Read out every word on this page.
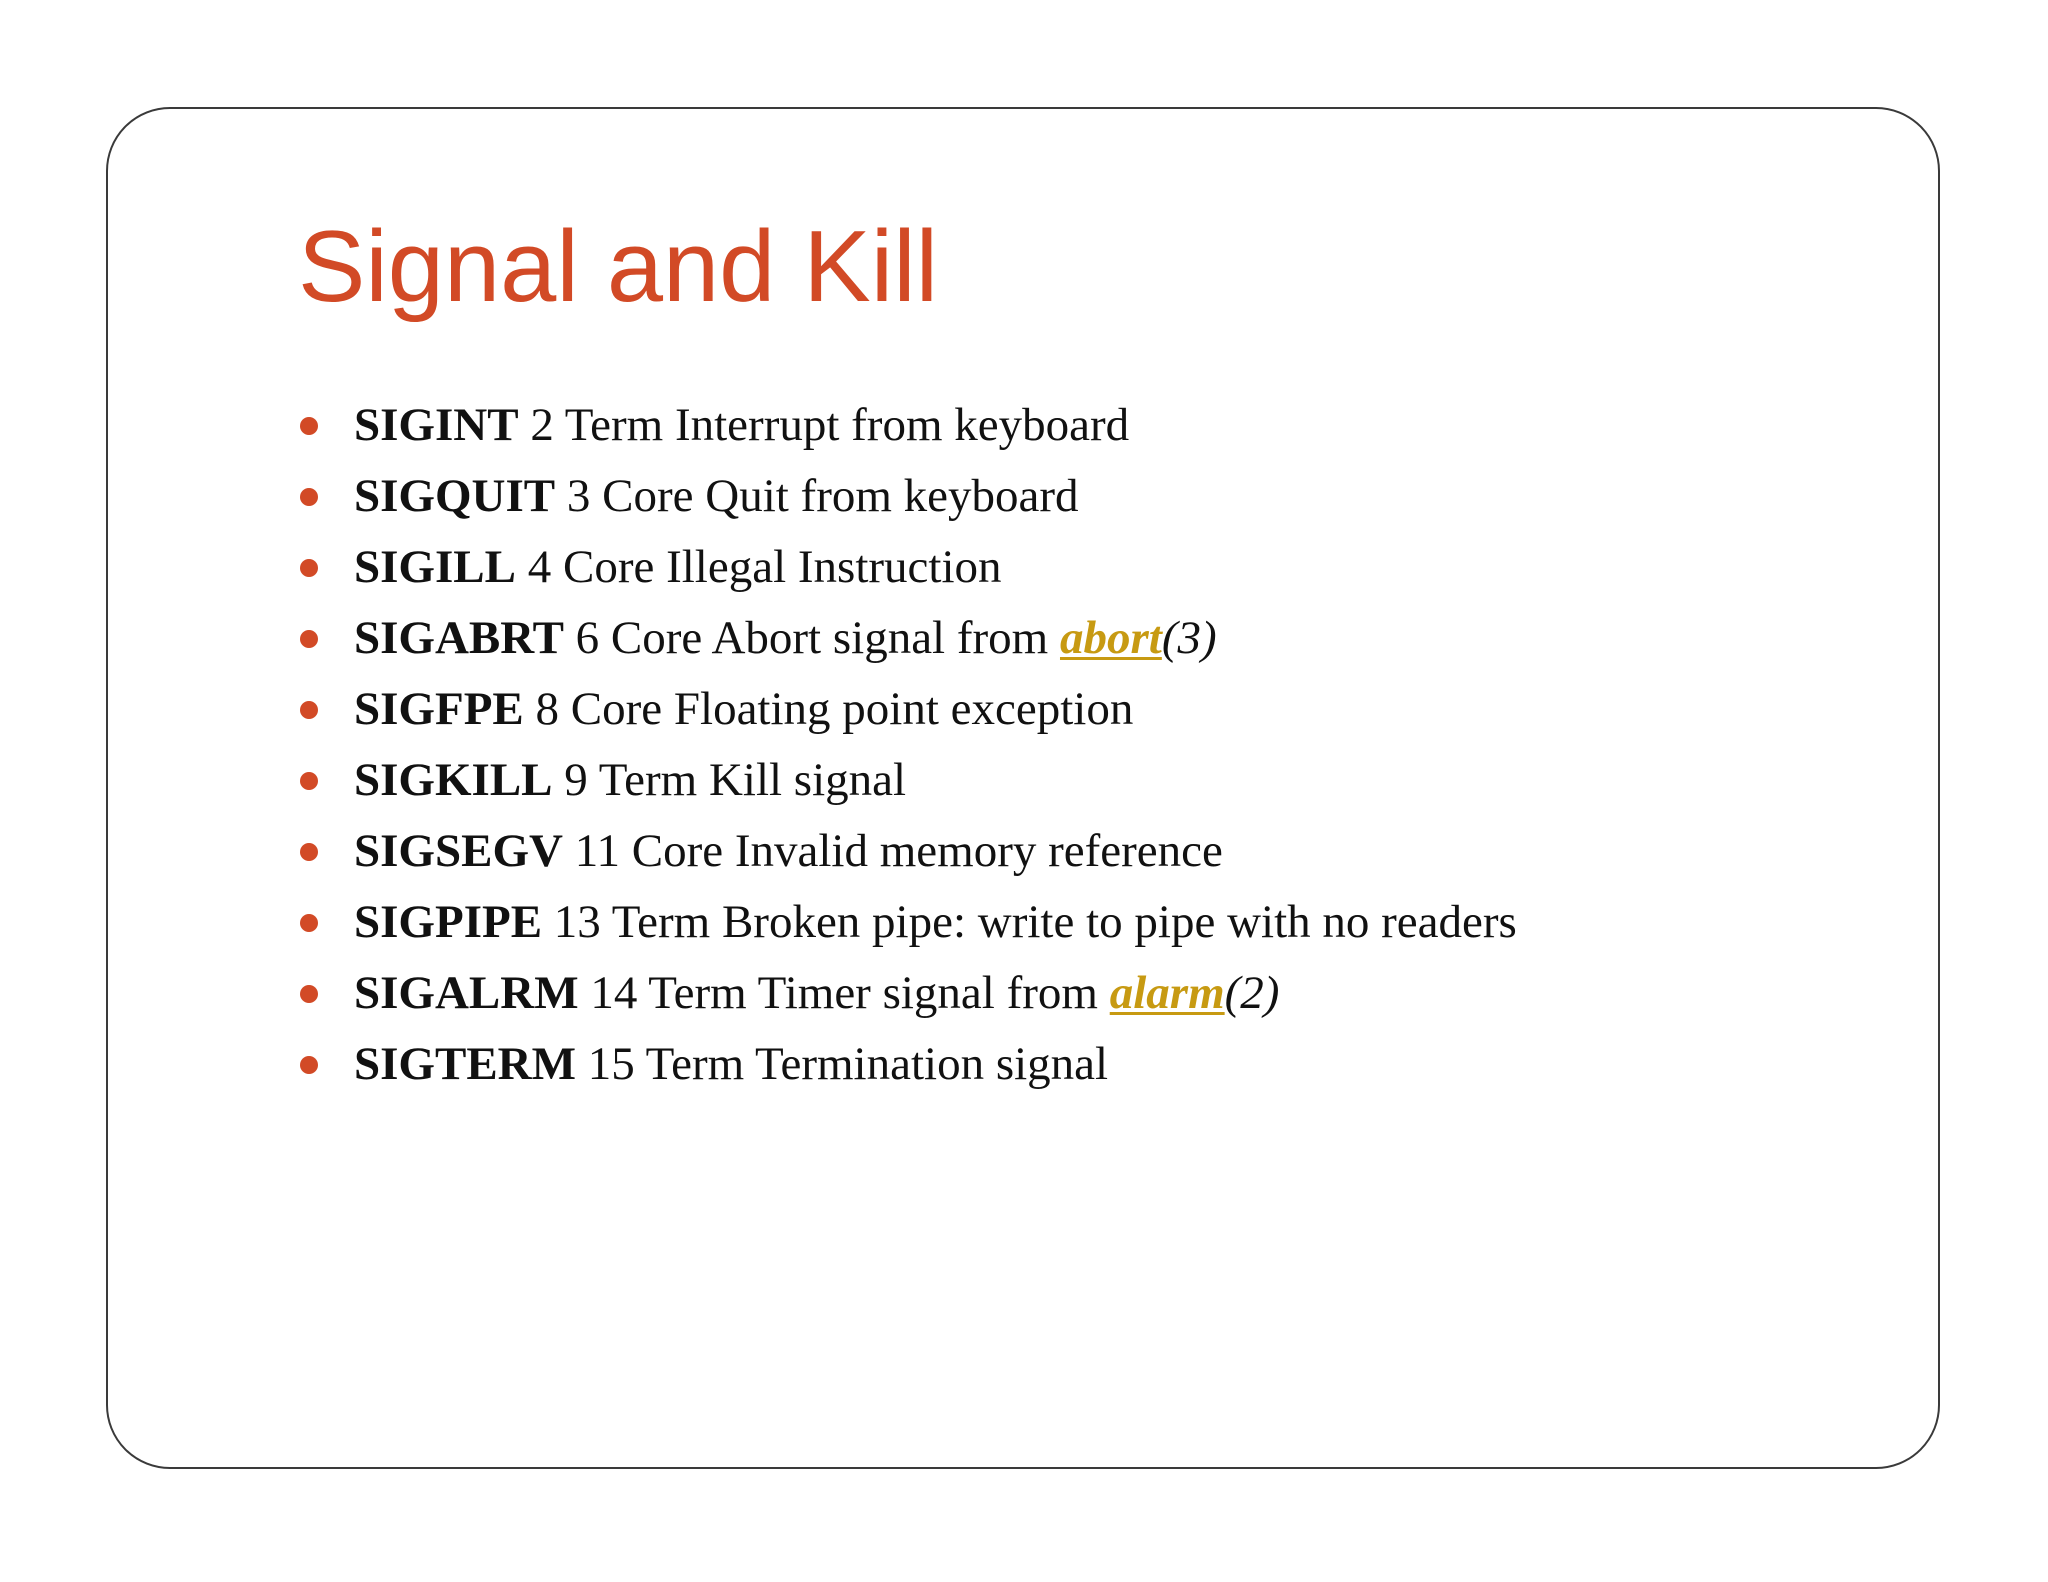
Signal and Kill
SIGINT 2 Term Interrupt from keyboard
SIGQUIT 3 Core Quit from keyboard
SIGILL 4 Core Illegal Instruction
SIGABRT 6 Core Abort signal from abort(3)
SIGFPE 8 Core Floating point exception
SIGKILL 9 Term Kill signal
SIGSEGV 11 Core Invalid memory reference
SIGPIPE 13 Term Broken pipe: write to pipe with no readers
SIGALRM 14 Term Timer signal from alarm(2)
SIGTERM 15 Term Termination signal
